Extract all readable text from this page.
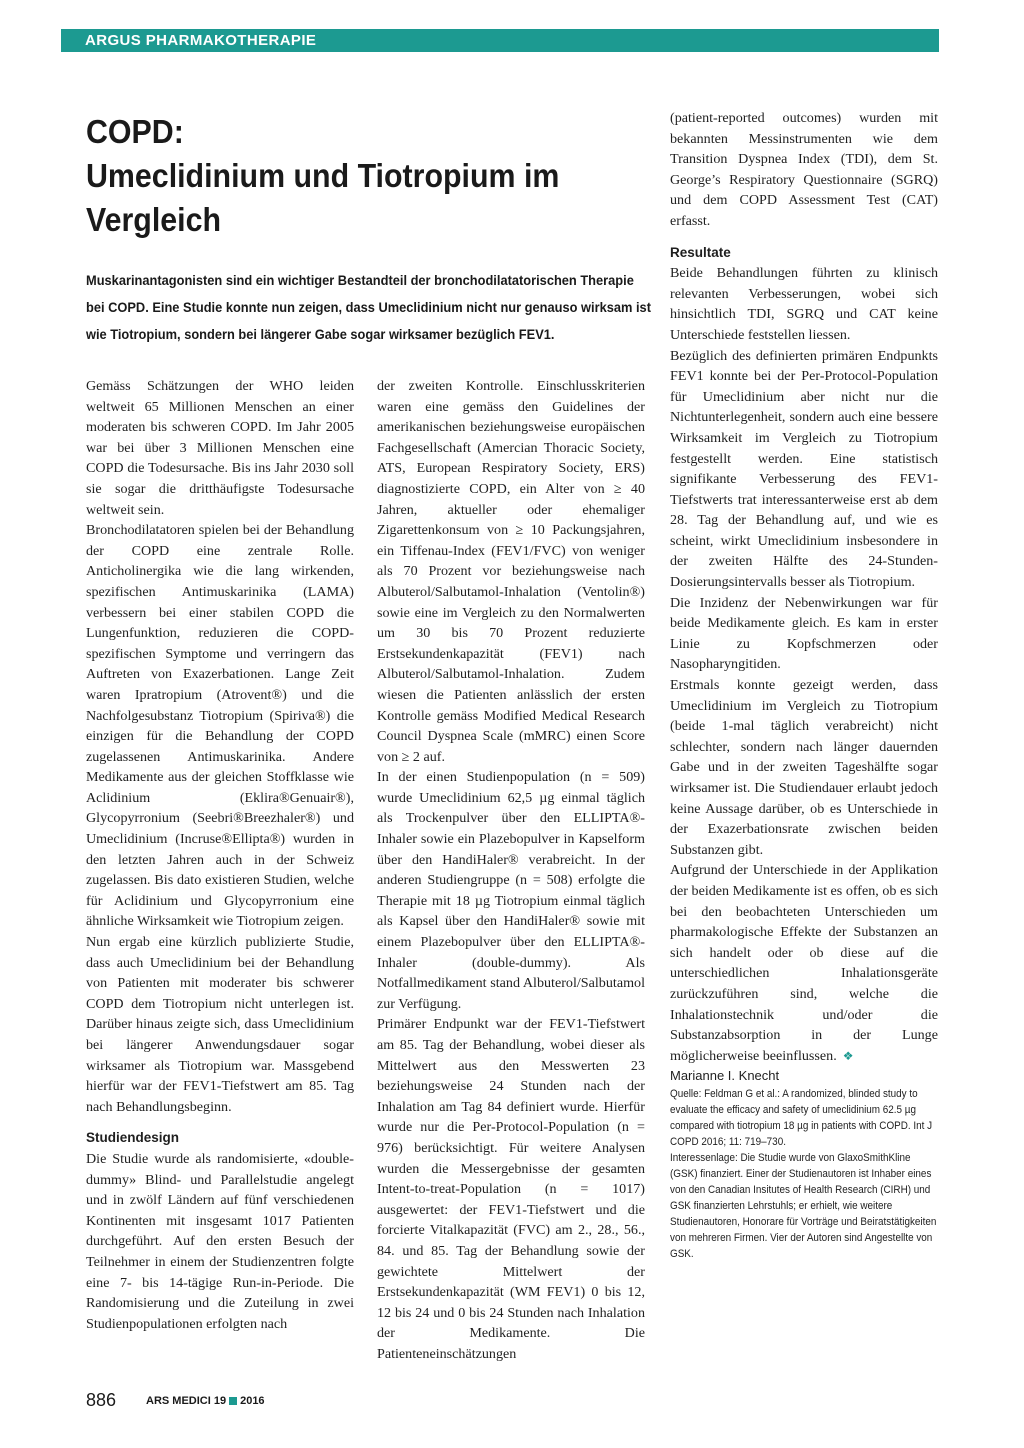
ARGUS PHARMAKOTHERAPIE
COPD:
Umeclidinium und Tiotropium im Vergleich

Muskarinantagonisten sind ein wichtiger Bestandteil der bronchodilatatorischen Therapie bei COPD. Eine Studie konnte nun zeigen, dass Umeclidinium nicht nur genauso wirksam ist wie Tiotropium, sondern bei längerer Gabe sogar wirksamer bezüglich FEV1.

Gemäss Schätzungen der WHO leiden weltweit 65 Millionen Menschen an einer moderaten bis schweren COPD. Im Jahr 2005 war bei über 3 Millionen Menschen eine COPD die Todesursache. Bis ins Jahr 2030 soll sie sogar die dritthäufigste Todesursache weltweit sein.

Bronchodilatatoren spielen bei der Behandlung der COPD eine zentrale Rolle. Anticholinergika wie die lang wirkenden, spezifischen Antimuskarinika (LAMA) verbessern bei einer stabilen COPD die Lungenfunktion, reduzieren die COPD-spezifischen Symptome und verringern das Auftreten von Exazerbationen. Lange Zeit waren Ipratropium (Atrovent®) und die Nachfolgesubstanz Tiotropium (Spiriva®) die einzigen für die Behandlung der COPD zugelassenen Antimuskarinika. Andere Medikamente aus der gleichen Stoffklasse wie Aclidinium (Eklira®Genuair®), Glycopyrronium (Seebri®Breezhaler®) und Umeclidinium (Incruse®Ellipta®) wurden in den letzten Jahren auch in der Schweiz zugelassen. Bis dato existieren Studien, welche für Aclidinium und Glycopyrronium eine ähnliche Wirksamkeit wie Tiotropium zeigen.

Nun ergab eine kürzlich publizierte Studie, dass auch Umeclidinium bei der Behandlung von Patienten mit moderater bis schwerer COPD dem Tiotropium nicht unterlegen ist. Darüber hinaus zeigte sich, dass Umeclidinium bei längerer Anwendungsdauer sogar wirksamer als Tiotropium war. Massgebend hierfür war der FEV1-Tiefstwert am 85. Tag nach Behandlungsbeginn.

Studiendesign

Die Studie wurde als randomisierte, «double-dummy» Blind- und Parallelstudie angelegt und in zwölf Ländern auf fünf verschiedenen Kontinenten mit insgesamt 1017 Patienten durchgeführt. Auf den ersten Besuch der Teilnehmer in einem der Studienzentren folgte eine 7- bis 14-tägige Run-in-Periode. Die Randomisierung und die Zuteilung in zwei Studienpopulationen erfolgten nach

der zweiten Kontrolle. Einschlusskriterien waren eine gemäss den Guidelines der amerikanischen beziehungsweise europäischen Fachgesellschaft (Amercian Thoracic Society, ATS, European Respiratory Society, ERS) diagnostizierte COPD, ein Alter von ≥ 40 Jahren, aktueller oder ehemaliger Zigarettenkonsum von ≥ 10 Packungsjahren, ein Tiffenau-Index (FEV1/FVC) von weniger als 70 Prozent vor beziehungsweise nach Albuterol/Salbutamol-Inhalation (Ventolin®) sowie eine im Vergleich zu den Normalwerten um 30 bis 70 Prozent reduzierte Erstsekundenkapazität (FEV1) nach Albuterol/Salbutamol-Inhalation. Zudem wiesen die Patienten anlässlich der ersten Kontrolle gemäss Modified Medical Research Council Dyspnea Scale (mMRC) einen Score von ≥ 2 auf.

In der einen Studienpopulation (n = 509) wurde Umeclidinium 62,5 µg einmal täglich als Trockenpulver über den ELLIPTA®-Inhaler sowie ein Plazebopulver in Kapselform über den HandiHaler® verabreicht. In der anderen Studiengruppe (n = 508) erfolgte die Therapie mit 18 µg Tiotropium einmal täglich als Kapsel über den HandiHaler® sowie mit einem Plazebopulver über den ELLIPTA®-Inhaler (double-dummy). Als Notfallmedikament stand Albuterol/Salbutamol zur Verfügung.

Primärer Endpunkt war der FEV1-Tiefstwert am 85. Tag der Behandlung, wobei dieser als Mittelwert aus den Messwerten 23 beziehungsweise 24 Stunden nach der Inhalation am Tag 84 definiert wurde. Hierfür wurde nur die Per-Protocol-Population (n = 976) berücksichtigt. Für weitere Analysen wurden die Messergebnisse der gesamten Intent-to-treat-Population (n = 1017) ausgewertet: der FEV1-Tiefstwert und die forcierte Vitalkapazität (FVC) am 2., 28., 56., 84. und 85. Tag der Behandlung sowie der gewichtete Mittelwert der Erstsekundenkapazität (WM FEV1) 0 bis 12, 12 bis 24 und 0 bis 24 Stunden nach Inhalation der Medikamente. Die Patienteneinschätzungen

(patient-reported outcomes) wurden mit bekannten Messinstrumenten wie dem Transition Dyspnea Index (TDI), dem St. George’s Respiratory Questionnaire (SGRQ) und dem COPD Assessment Test (CAT) erfasst.

Resultate

Beide Behandlungen führten zu klinisch relevanten Verbesserungen, wobei sich hinsichtlich TDI, SGRQ und CAT keine Unterschiede feststellen liessen.

Bezüglich des definierten primären Endpunkts FEV1 konnte bei der Per-Protocol-Population für Umeclidinium aber nicht nur die Nichtunterlegenheit, sondern auch eine bessere Wirksamkeit im Vergleich zu Tiotropium festgestellt werden. Eine statistisch signifikante Verbesserung des FEV1-Tiefstwerts trat interessanterweise erst ab dem 28. Tag der Behandlung auf, und wie es scheint, wirkt Umeclidinium insbesondere in der zweiten Hälfte des 24-Stunden-Dosierungsintervalls besser als Tiotropium.

Die Inzidenz der Nebenwirkungen war für beide Medikamente gleich. Es kam in erster Linie zu Kopfschmerzen oder Nasopharyngitiden.

Erstmals konnte gezeigt werden, dass Umeclidinium im Vergleich zu Tiotropium (beide 1-mal täglich verabreicht) nicht schlechter, sondern nach länger dauernden Gabe und in der zweiten Tageshälfte sogar wirksamer ist. Die Studiendauer erlaubt jedoch keine Aussage darüber, ob es Unterschiede in der Exazerbationsrate zwischen beiden Substanzen gibt.

Aufgrund der Unterschiede in der Applikation der beiden Medikamente ist es offen, ob es sich bei den beobachteten Unterschieden um pharmakologische Effekte der Substanzen an sich handelt oder ob diese auf die unterschiedlichen Inhalationsgeräte zurückzuführen sind, welche die Inhalationstechnik und/oder die Substanzabsorption in der Lunge möglicherweise beeinflussen. ❖

Marianne I. Knecht

Quelle: Feldman G et al.: A randomized, blinded study to evaluate the efficacy and safety of umeclidinium 62.5 µg compared with tiotropium 18 µg in patients with COPD. Int J COPD 2016; 11: 719–730.

Interessenlage: Die Studie wurde von GlaxoSmithKline (GSK) finanziert. Einer der Studienautoren ist Inhaber eines von den Canadian Insitutes of Health Research (CIRH) und GSK finanzierten Lehrstuhls; er erhielt, wie weitere Studienautoren, Honorare für Vorträge und Beiratstätigkeiten von mehreren Firmen. Vier der Autoren sind Angestellte von GSK.

886	ARS MEDICI 19 2016
